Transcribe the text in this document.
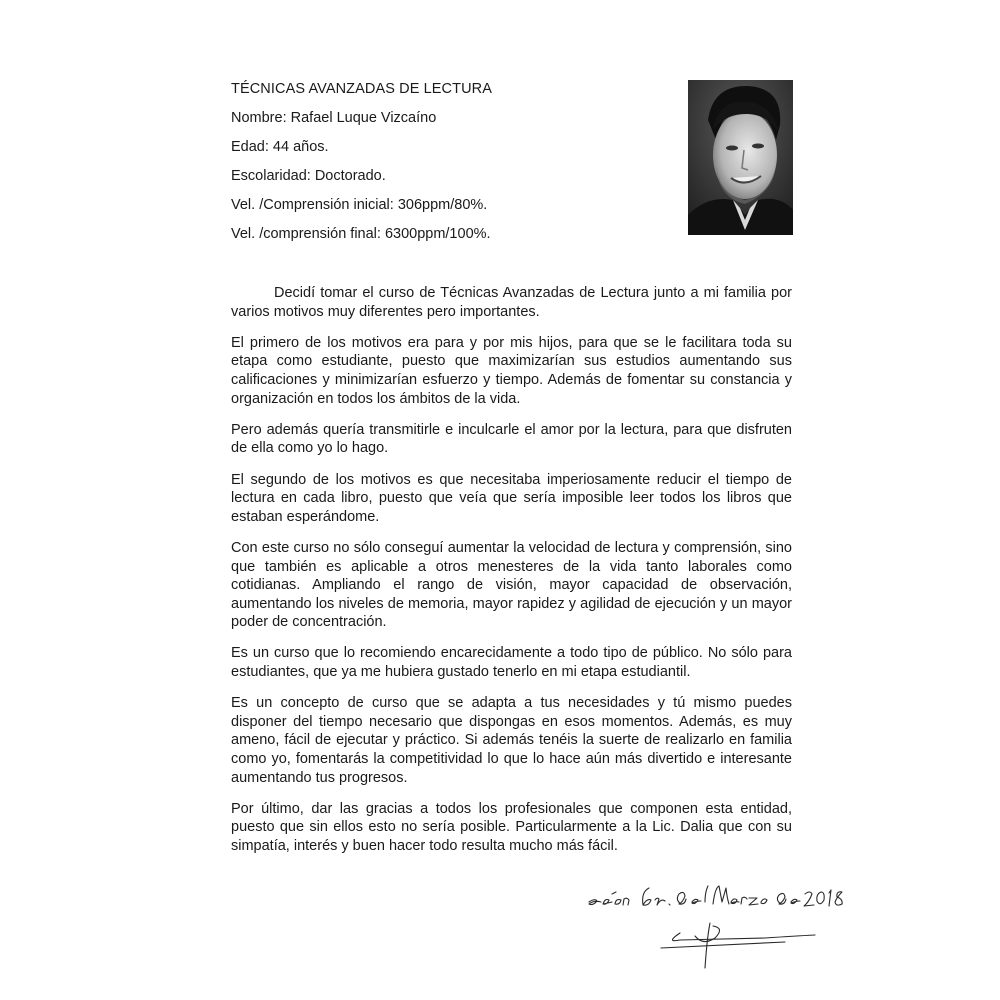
TÉCNICAS AVANZADAS DE LECTURA
Nombre: Rafael Luque Vizcaíno
Edad: 44 años.
Escolaridad: Doctorado.
Vel. /Comprensión inicial: 306ppm/80%.
Vel. /comprensión final: 6300ppm/100%.

Decidí tomar el curso de Técnicas Avanzadas de Lectura junto a mi familia por varios motivos muy diferentes pero importantes.

El primero de los motivos era para y por mis hijos, para que se le facilitara toda su etapa como estudiante, puesto que maximizarían sus estudios aumentando sus calificaciones y minimizarían esfuerzo y tiempo. Además de fomentar su constancia y organización en todos los ámbitos de la vida.

Pero además quería transmitirle e inculcarle el amor por la lectura, para que disfruten de ella como yo lo hago.

El segundo de los motivos es que necesitaba imperiosamente reducir el tiempo de lectura en cada libro, puesto que veía que sería imposible leer todos los libros que estaban esperándome.

Con este curso no sólo conseguí aumentar la velocidad de lectura y comprensión, sino que también es aplicable a otros menesteres de la vida tanto laborales como cotidianas. Ampliando el rango de visión, mayor capacidad de observación, aumentando los niveles de memoria, mayor rapidez y agilidad de ejecución y un mayor poder de concentración.

Es un curso que lo recomiendo encarecidamente a todo tipo de público. No sólo para estudiantes, que ya me hubiera gustado tenerlo en mi etapa estudiantil.

Es un concepto de curso que se adapta a tus necesidades y tú mismo puedes disponer del tiempo necesario que dispongas en esos momentos. Además, es muy ameno, fácil de ejecutar y práctico. Si además tenéis la suerte de realizarlo en familia como yo, fomentarás la competitividad lo que lo hace aún más divertido e interesante aumentando tus progresos.

Por último, dar las gracias a todos los profesionales que componen esta entidad, puesto que sin ellos esto no sería posible. Particularmente a la Lic. Dalia que con su simpatía, interés y buen hacer todo resulta mucho más fácil.
